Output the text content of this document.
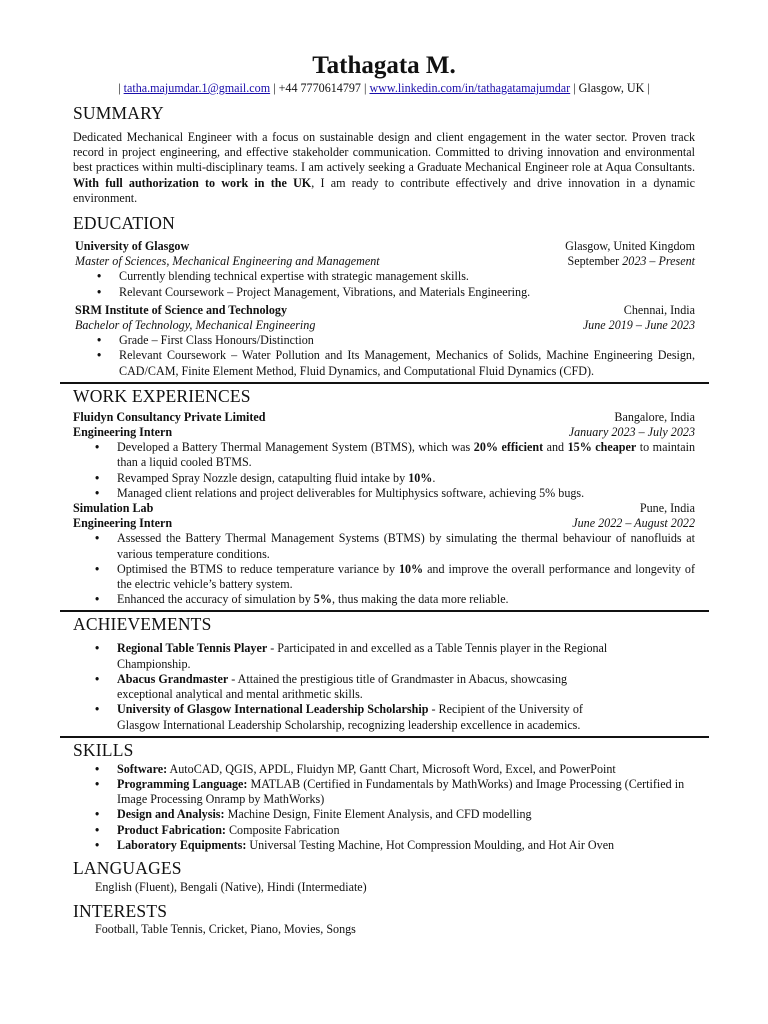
Tathagata M.
| tatha.majumdar.1@gmail.com | +44 7770614797 | www.linkedin.com/in/tathagatamajumdar | Glasgow, UK |
SUMMARY

Dedicated Mechanical Engineer with a focus on sustainable design and client engagement in the water sector. Proven track record in project engineering, and effective stakeholder communication. Committed to driving innovation and environmental best practices within multi-disciplinary teams. I am actively seeking a Graduate Mechanical Engineer role at Aqua Consultants. With full authorization to work in the UK, I am ready to contribute effectively and drive innovation in a dynamic environment.

EDUCATION
University of Glasgow	Glasgow, United Kingdom
Master of Sciences, Mechanical Engineering and Management	September 2023 – Present
• Currently blending technical expertise with strategic management skills.
• Relevant Coursework – Project Management, Vibrations, and Materials Engineering.
SRM Institute of Science and Technology	Chennai, India
Bachelor of Technology, Mechanical Engineering	June 2019 – June 2023
• Grade – First Class Honours/Distinction
• Relevant Coursework – Water Pollution and Its Management, Mechanics of Solids, Machine Engineering Design, CAD/CAM, Finite Element Method, Fluid Dynamics, and Computational Fluid Dynamics (CFD).
WORK EXPERIENCES
Fluidyn Consultancy Private Limited	Bangalore, India
Engineering Intern	January 2023 – July 2023
• Developed a Battery Thermal Management System (BTMS), which was 20% efficient and 15% cheaper to maintain than a liquid cooled BTMS.
• Revamped Spray Nozzle design, catapulting fluid intake by 10%.
• Managed client relations and project deliverables for Multiphysics software, achieving 5% bugs.
Simulation Lab	Pune, India
Engineering Intern	June 2022 – August 2022
• Assessed the Battery Thermal Management Systems (BTMS) by simulating the thermal behaviour of nanofluids at various temperature conditions.
• Optimised the BTMS to reduce temperature variance by 10% and improve the overall performance and longevity of the electric vehicle’s battery system.
• Enhanced the accuracy of simulation by 5%, thus making the data more reliable.
ACHIEVEMENTS
• Regional Table Tennis Player - Participated in and excelled as a Table Tennis player in the Regional Championship.
• Abacus Grandmaster - Attained the prestigious title of Grandmaster in Abacus, showcasing exceptional analytical and mental arithmetic skills.
• University of Glasgow International Leadership Scholarship - Recipient of the University of Glasgow International Leadership Scholarship, recognizing leadership excellence in academics.
SKILLS
• Software: AutoCAD, QGIS, APDL, Fluidyn MP, Gantt Chart, Microsoft Word, Excel, and PowerPoint
• Programming Language: MATLAB (Certified in Fundamentals by MathWorks) and Image Processing (Certified in Image Processing Onramp by MathWorks)
• Design and Analysis: Machine Design, Finite Element Analysis, and CFD modelling
• Product Fabrication: Composite Fabrication
• Laboratory Equipments: Universal Testing Machine, Hot Compression Moulding, and Hot Air Oven
LANGUAGES
English (Fluent), Bengali (Native), Hindi (Intermediate)
INTERESTS
Football, Table Tennis, Cricket, Piano, Movies, Songs
